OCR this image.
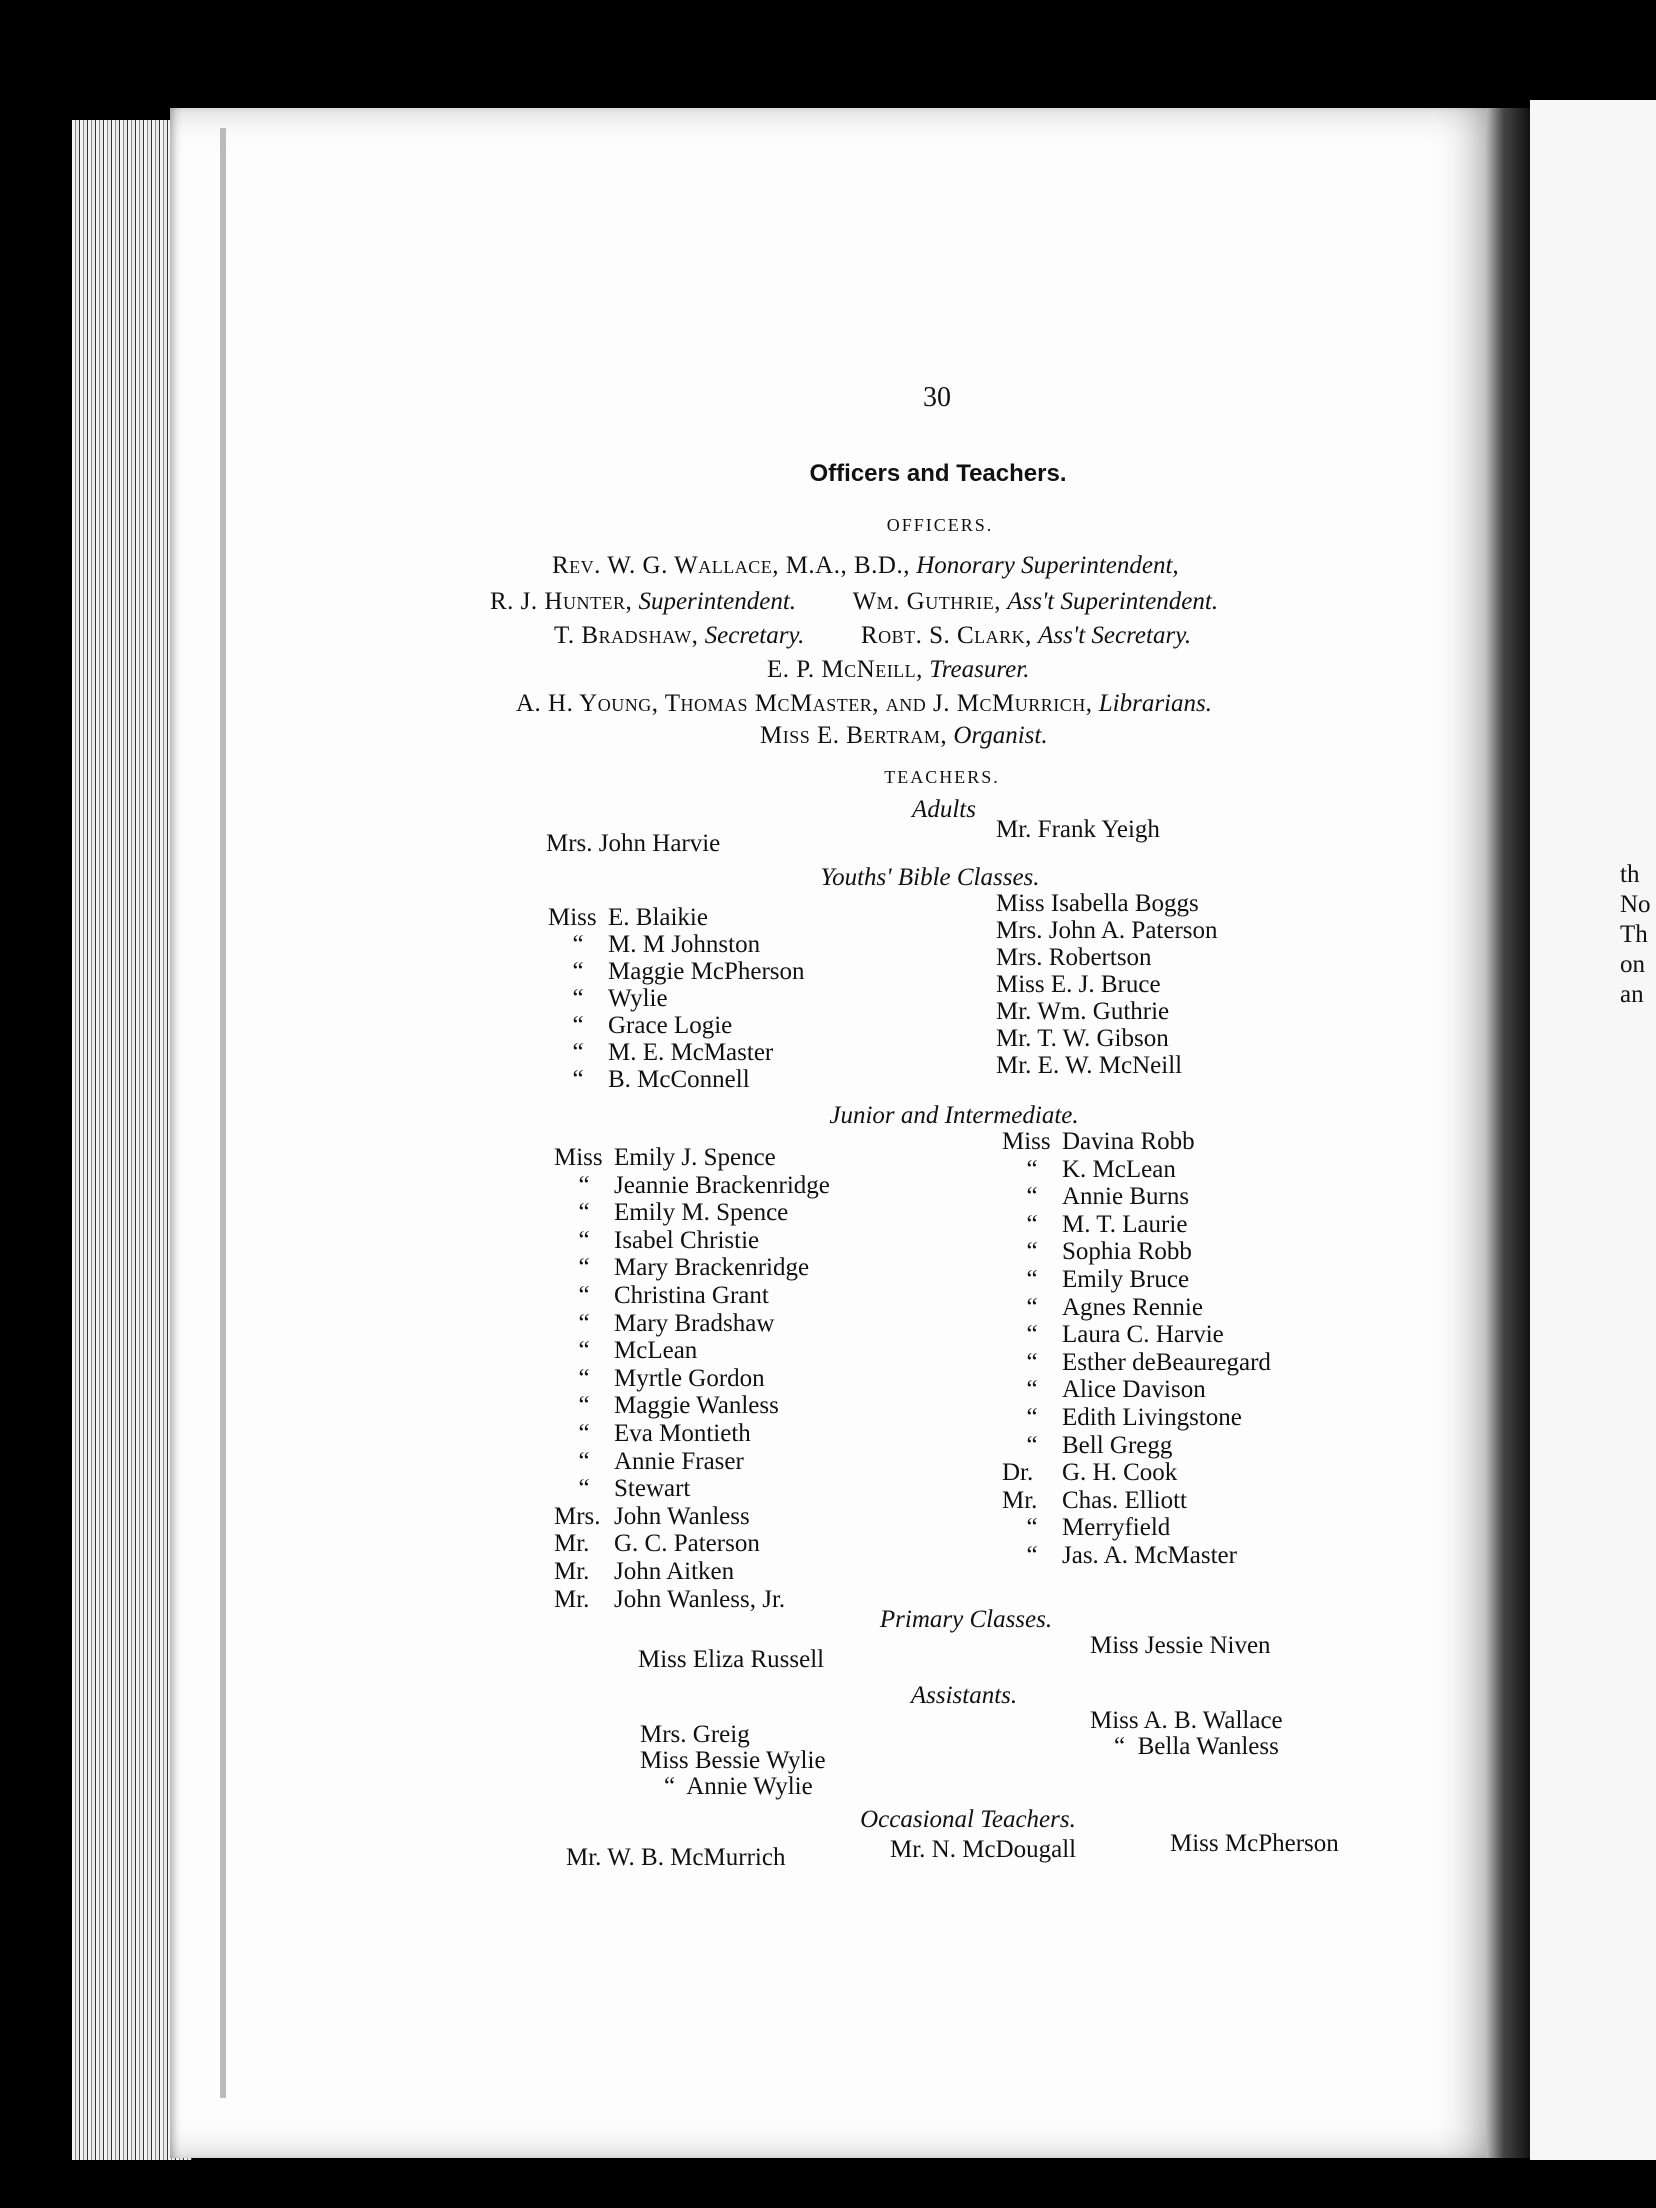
th
No
Th
on
an
30
Officers and Teachers.
OFFICERS.
Rev. W. G. Wallace, M.A., B.D., Honorary Superintendent,
R. J. Hunter, Superintendent. Wm. Guthrie, Ass't Superintendent.
T. Bradshaw, Secretary. Robt. S. Clark, Ass't Secretary.
E. P. McNeill, Treasurer.
A. H. Young, Thomas McMaster, and J. McMurrich, Librarians.
Miss E. Bertram, Organist.
TEACHERS.
Adults
Mrs. John Harvie
Mr. Frank Yeigh
Youths' Bible Classes.
Miss E. Blaikie
“ M. M Johnston
“ Maggie McPherson
“ Wylie
“ Grace Logie
“ M. E. McMaster
“ B. McConnell
Miss Isabella Boggs
Mrs. John A. Paterson
Mrs. Robertson
Miss E. J. Bruce
Mr. Wm. Guthrie
Mr. T. W. Gibson
Mr. E. W. McNeill
Junior and Intermediate.
Miss Emily J. Spence
“ Jeannie Brackenridge
“ Emily M. Spence
“ Isabel Christie
“ Mary Brackenridge
“ Christina Grant
“ Mary Bradshaw
“ McLean
“ Myrtle Gordon
“ Maggie Wanless
“ Eva Montieth
“ Annie Fraser
“ Stewart
Mrs. John Wanless
Mr. G. C. Paterson
Mr. John Aitken
Mr. John Wanless, Jr.
Miss Davina Robb
“ K. McLean
“ Annie Burns
“ M. T. Laurie
“ Sophia Robb
“ Emily Bruce
“ Agnes Rennie
“ Laura C. Harvie
“ Esther deBeauregard
“ Alice Davison
“ Edith Livingstone
“ Bell Gregg
Dr. G. H. Cook
Mr. Chas. Elliott
“ Merryfield
“ Jas. A. McMaster
Primary Classes.
Miss Eliza Russell
Miss Jessie Niven
Assistants.
Mrs. Greig
Miss Bessie Wylie
“  Annie Wylie
Miss A. B. Wallace
“  Bella Wanless
Occasional Teachers.
Mr. W. B. McMurrich	Mr. N. McDougall	Miss McPherson
